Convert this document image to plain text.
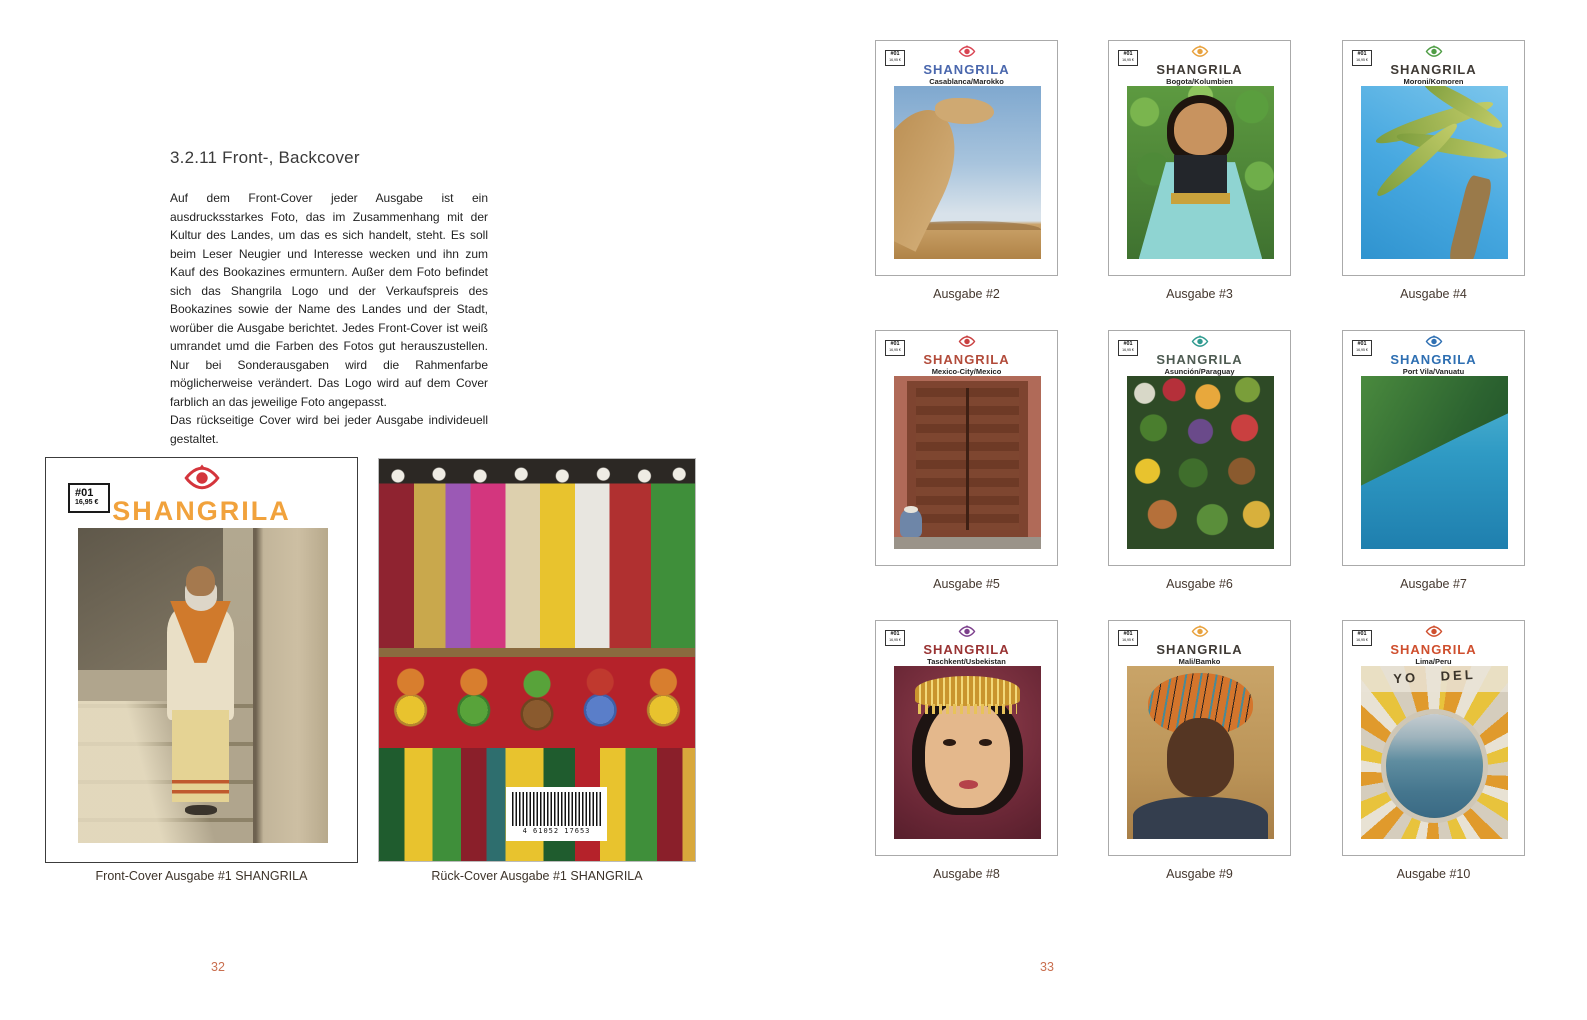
3.2.11 Front-, Backcover
Auf dem Front-Cover jeder Ausgabe ist ein ausdrucksstarkes Foto, das im Zusammenhang mit der Kultur des Landes, um das es sich handelt, steht. Es soll beim Leser Neugier und Interesse wecken und ihn zum Kauf des Bookazines ermuntern. Außer dem Foto befindet sich das Shangrila Logo und der Verkaufspreis des Bookazines sowie der Name des Landes und der Stadt, worüber die Ausgabe berichtet. Jedes Front-Cover ist weiß umrandet umd die Farben des Fotos gut herauszustellen. Nur bei Sonderausgaben wird die Rahmenfarbe möglicherweise verändert. Das Logo wird auf dem Cover farblich an das jeweilige Foto angepasst.
Das rückseitige Cover wird bei jeder Ausgabe individeuell gestaltet.
#01
16,95 € SHANGRILA
4 61052 17653
Front-Cover Ausgabe #1 SHANGRILA	Rück-Cover Ausgabe #1 SHANGRILA
32
#01
16,95 €
SHANGRILA
Casablanca/Marokko
Ausgabe #2
#01
16,95 €
SHANGRILA
Bogota/Kolumbien
Ausgabe #3
#01
16,95 €
SHANGRILA
Moroni/Komoren
Ausgabe #4
#01
16,95 €
SHANGRILA
Mexico-City/Mexico
Ausgabe #5
#01
16,95 €
SHANGRILA
Asunción/Paraguay
Ausgabe #6
#01
16,95 €
SHANGRILA
Port Vila/Vanuatu
Ausgabe #7
#01
16,95 €
SHANGRILA
Taschkent/Usbekistan
Ausgabe #8
#01
16,95 €
SHANGRILA
Mali/Bamko
Ausgabe #9
#01
16,95 €
SHANGRILA
Lima/Peru
YO DEL
Ausgabe #10
33
